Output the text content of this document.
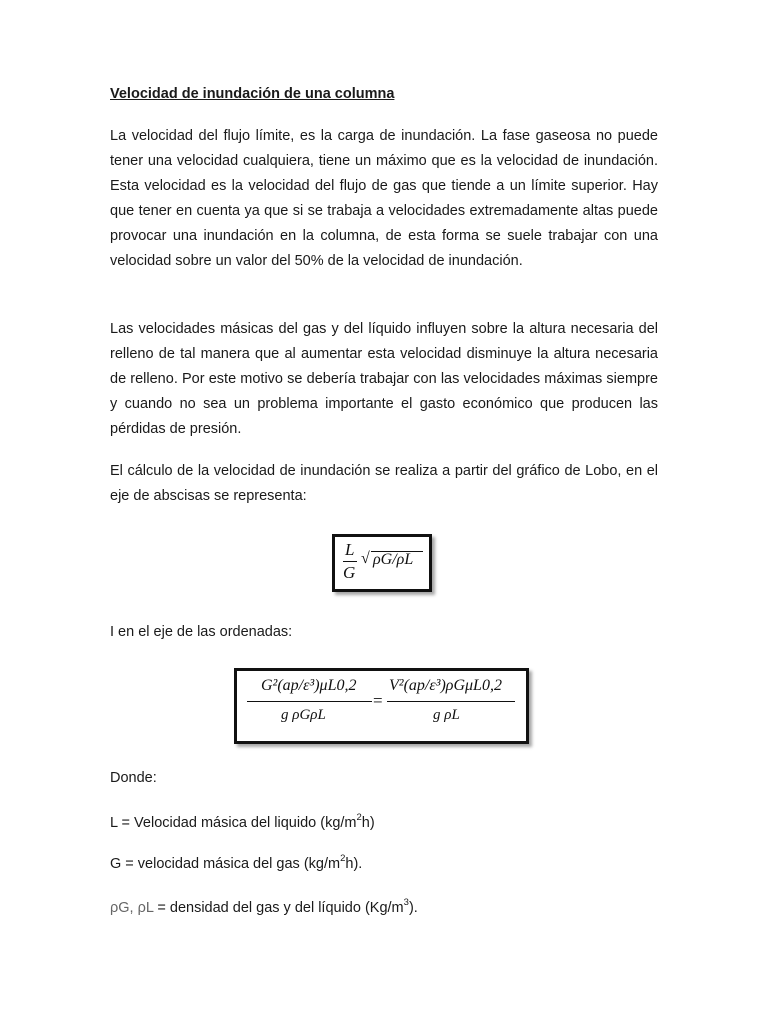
Velocidad de inundación de una columna

La velocidad del flujo límite, es la carga de inundación. La fase gaseosa no puede tener una velocidad cualquiera, tiene un máximo que es la velocidad de inundación. Esta velocidad es la velocidad del flujo de gas que tiende a un límite superior. Hay que tener en cuenta ya que si se trabaja a velocidades extremadamente altas puede provocar una inundación en la columna, de esta forma se suele trabajar con una velocidad sobre un valor del 50% de la velocidad de inundación.

Las velocidades másicas del gas y del líquido influyen sobre la altura necesaria del relleno de tal manera que al aumentar esta velocidad disminuye la altura necesaria de relleno. Por este motivo se debería trabajar con las velocidades máximas siempre y cuando no sea un problema importante el gasto económico que producen las pérdidas de presión.

El cálculo de la velocidad de inundación se realiza a partir del gráfico de Lobo, en el eje de abscisas se representa:

I en el eje de las ordenadas:
Donde:
L = Velocidad másica del liquido $(kg/m^2h)$
G = velocidad másica del gas $(kg/m^2h)$.
ρG, ρL = densidad del gas y del líquido $(Kg/m^3)$.
L
G
√ ρG/ρL
G²(ap/ε³)μL0,2
g ρGρL
=
V²(ap/ε³)ρGμL0,2
g ρL
